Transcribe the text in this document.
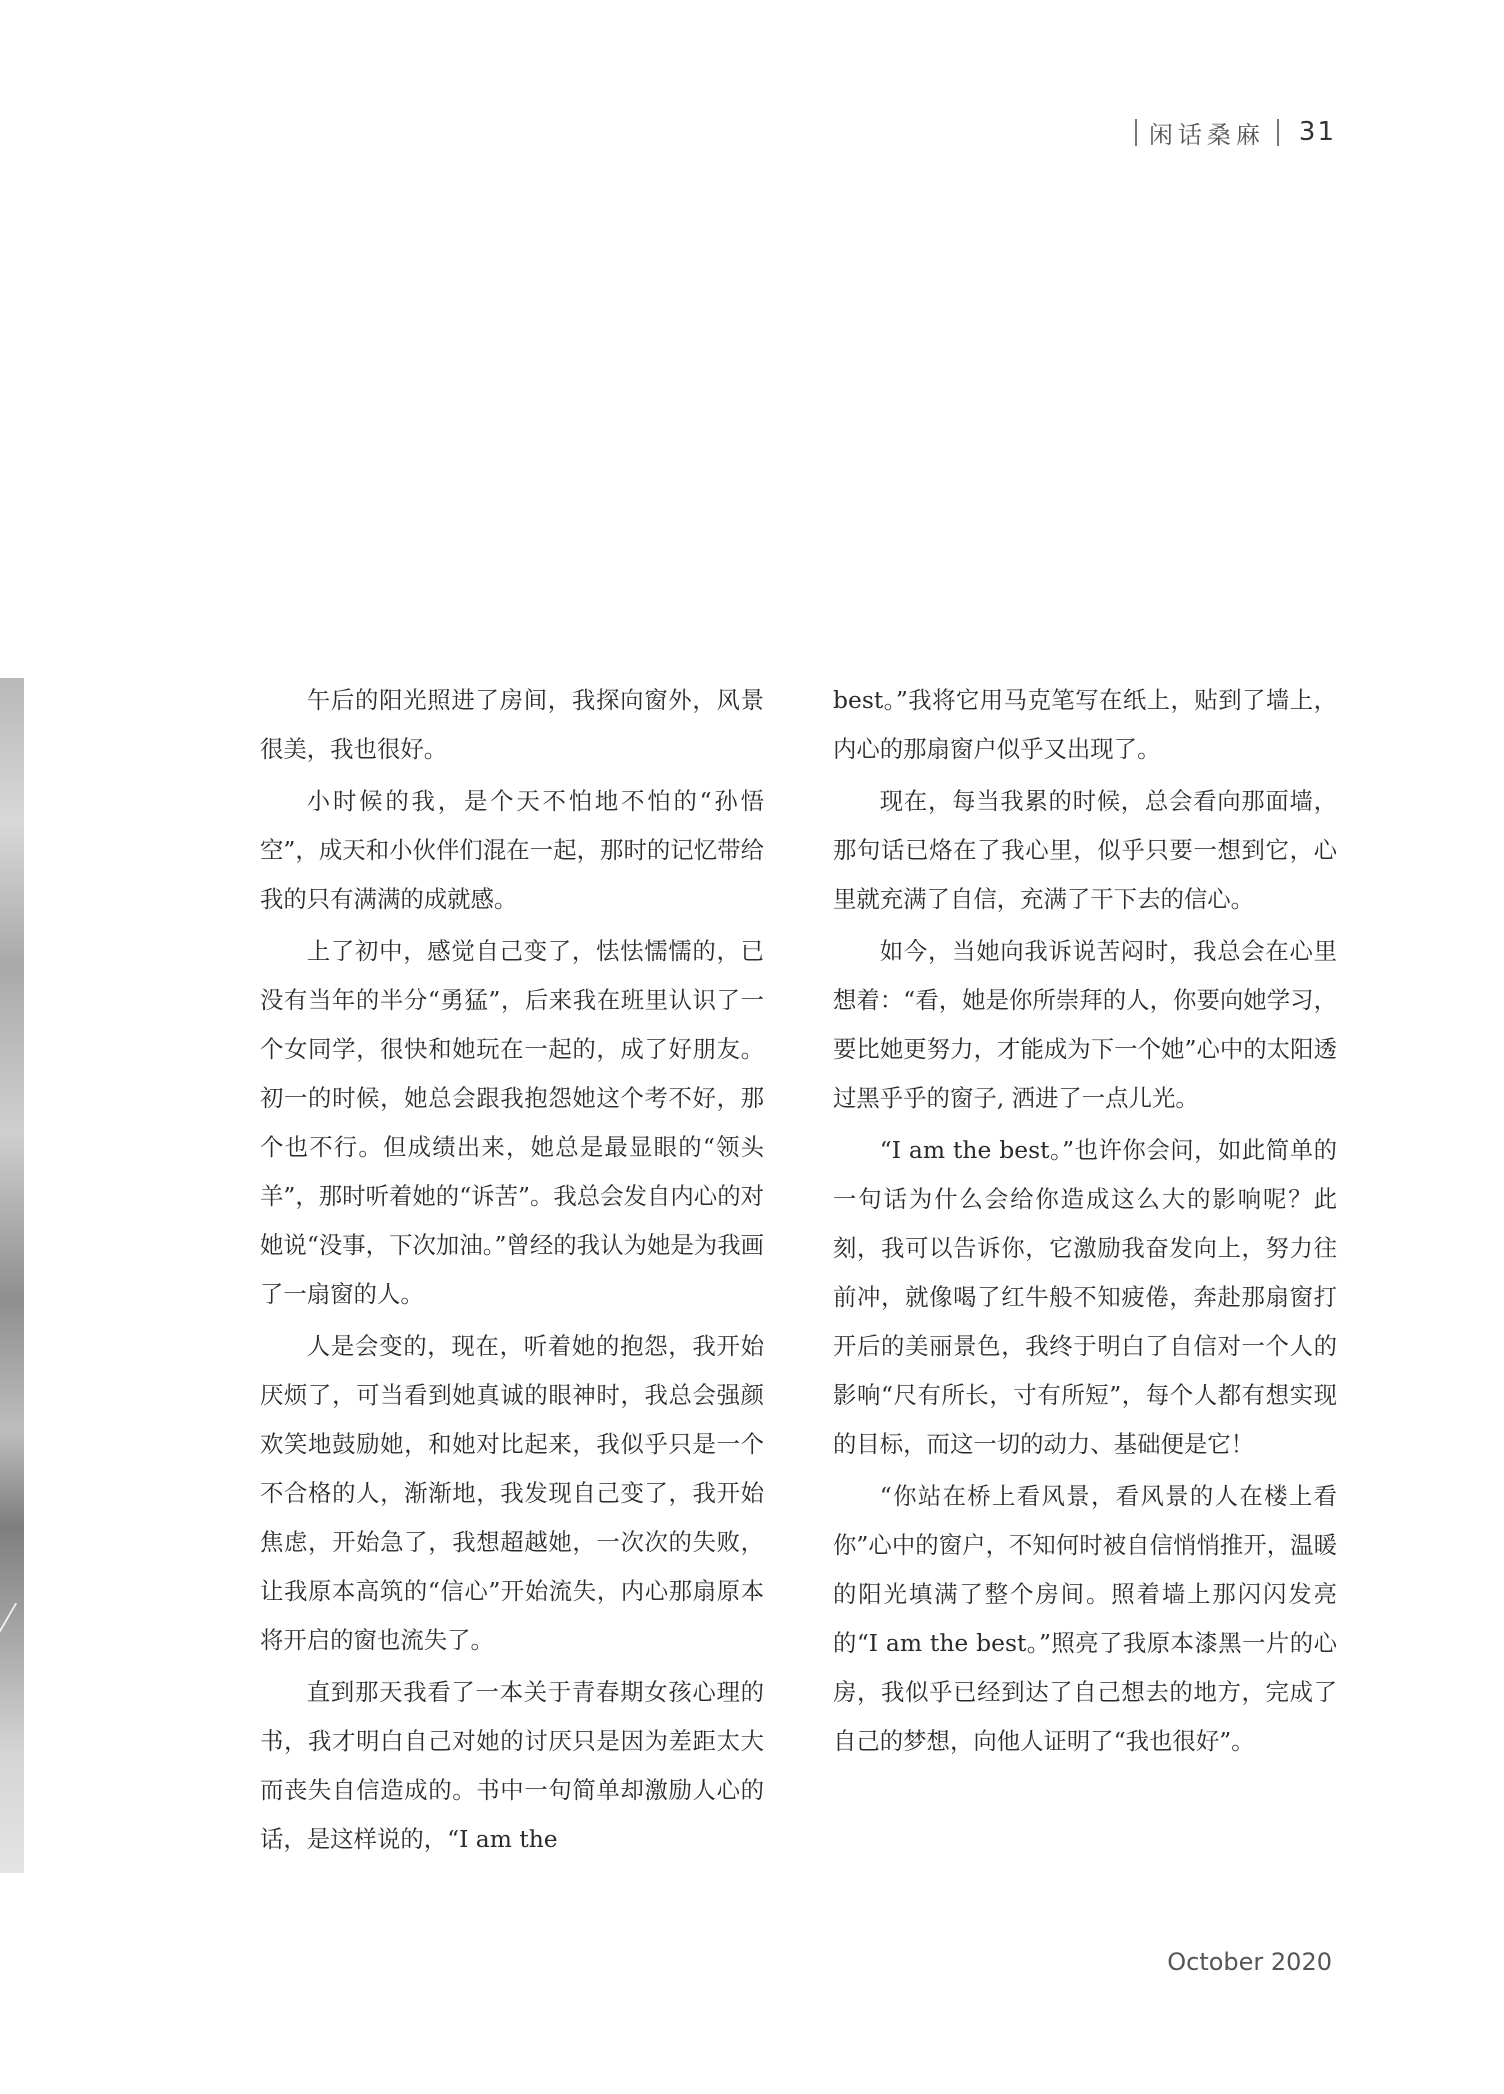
闲话桑麻 31

午后的阳光照进了房间，我探向窗外，风景很美，我也很好。

小时候的我，是个天不怕地不怕的“孙悟空”，成天和小伙伴们混在一起，那时的记忆带给我的只有满满的成就感。

上了初中，感觉自己变了，怯怯懦懦的，已没有当年的半分“勇猛”，后来我在班里认识了一个女同学，很快和她玩在一起的，成了好朋友。初一的时候，她总会跟我抱怨她这个考不好，那个也不行。但成绩出来，她总是最显眼的“领头羊”，那时听着她的“诉苦”。我总会发自内心的对她说“没事，下次加油。”曾经的我认为她是为我画了一扇窗的人。

人是会变的，现在，听着她的抱怨，我开始厌烦了，可当看到她真诚的眼神时，我总会强颜欢笑地鼓励她，和她对比起来，我似乎只是一个不合格的人，渐渐地，我发现自己变了，我开始焦虑，开始急了，我想超越她，一次次的失败，让我原本高筑的“信心”开始流失，内心那扇原本将开启的窗也流失了。

直到那天我看了一本关于青春期女孩心理的书，我才明白自己对她的讨厌只是因为差距太大而丧失自信造成的。书中一句简单却激励人心的话，是这样说的，“I am the

best。”我将它用马克笔写在纸上，贴到了墙上，内心的那扇窗户似乎又出现了。

现在，每当我累的时候，总会看向那面墙，那句话已烙在了我心里，似乎只要一想到它，心里就充满了自信，充满了干下去的信心。

如今，当她向我诉说苦闷时，我总会在心里想着：“看，她是你所崇拜的人，你要向她学习，要比她更努力，才能成为下一个她”心中的太阳透过黑乎乎的窗子, 洒进了一点儿光。

“I am the best。”也许你会问，如此简单的一句话为什么会给你造成这么大的影响呢？此刻，我可以告诉你，它激励我奋发向上，努力往前冲，就像喝了红牛般不知疲倦，奔赴那扇窗打开后的美丽景色，我终于明白了自信对一个人的影响“尺有所长，寸有所短”，每个人都有想实现的目标，而这一切的动力、基础便是它！

“你站在桥上看风景，看风景的人在楼上看你”心中的窗户，不知何时被自信悄悄推开，温暖的阳光填满了整个房间。照着墙上那闪闪发亮的“I am the best。”照亮了我原本漆黑一片的心房，我似乎已经到达了自己想去的地方，完成了自己的梦想，向他人证明了“我也很好”。

October 2020
